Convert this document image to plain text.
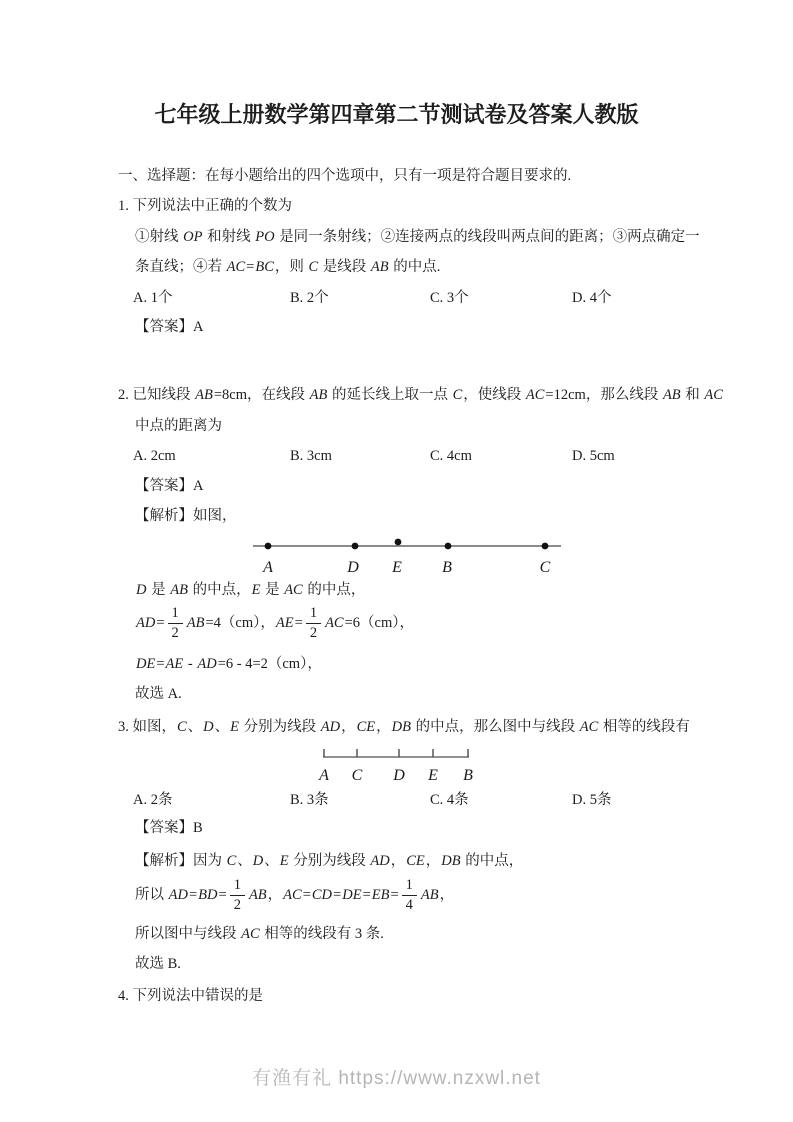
七年级上册数学第四章第二节测试卷及答案人教版
一、选择题：在每小题给出的四个选项中，只有一项是符合题目要求的.
1. 下列说法中正确的个数为
①射线 OP 和射线 PO 是同一条射线；②连接两点的线段叫两点间的距离；③两点确定一
条直线；④若 AC=BC，则 C 是线段 AB 的中点.
A. 1个	B. 2个	C. 3个	D. 4个
【答案】A
2. 已知线段 AB=8cm，在线段 AB 的延长线上取一点 C，使线段 AC=12cm，那么线段 AB 和 AC
中点的距离为
A. 2cm	B. 3cm	C. 4cm	D. 5cm
【答案】A
【解析】如图，
A	D E	B	C
D 是 AB 的中点，E 是 AC 的中点，
$AD= \frac{1}{2} AB=4(cm)$，$AE= \frac{1}{2} AC=6(cm)$，
DE=AE - AD=6 - 4=2（cm），
故选 A.
3. 如图，C、D、E 分别为线段 AD，CE，DB 的中点，那么图中与线段 AC 相等的线段有
A C D E B
A. 2条	B. 3条	C. 4条	D. 5条
【答案】B
【解析】因为 C、D、E 分别为线段 AD，CE，DB 的中点，
所以 $AD=BD= \frac{1}{2}$ AB，$AC=CD=DE=EB= \frac{1}{4}$ AB，
所以图中与线段 AC 相等的线段有 3 条.
故选 B.
4. 下列说法中错误的是
有渔有礼 https://www.nzxwl.net
